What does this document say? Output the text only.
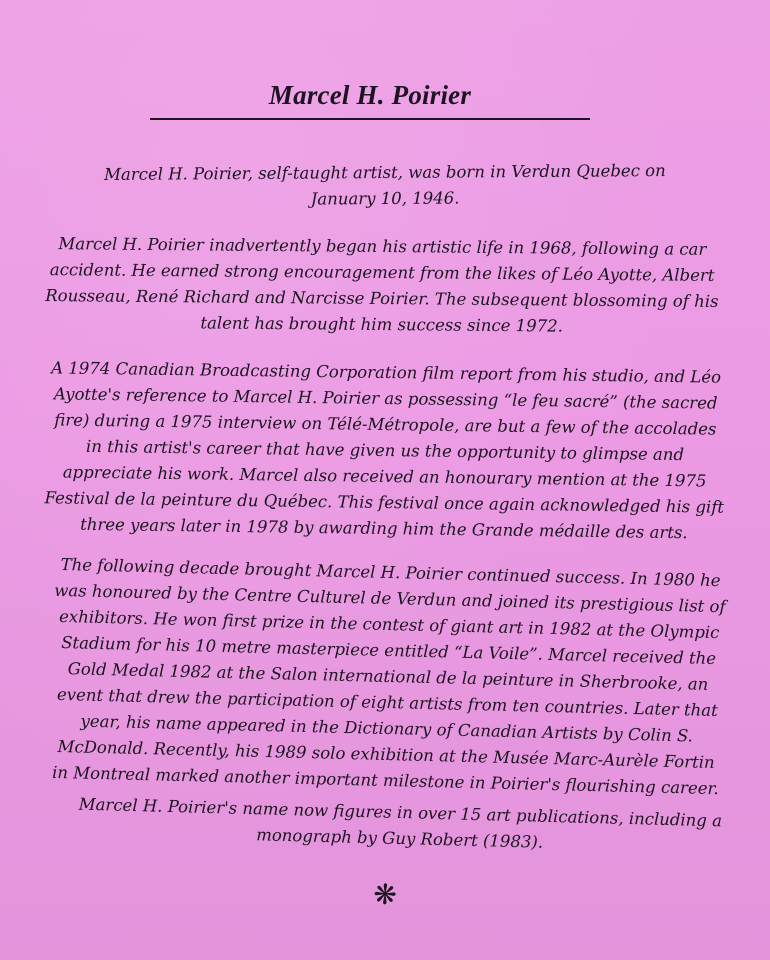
Marcel H. Poirier
Marcel H. Poirier, self-taught artist, was born in Verdun Quebec on
January 10, 1946.
Marcel H. Poirier inadvertently began his artistic life in 1968, following a car
accident. He earned strong encouragement from the likes of Léo Ayotte, Albert
Rousseau, René Richard and Narcisse Poirier. The subsequent blossoming of his
talent has brought him success since 1972.
A 1974 Canadian Broadcasting Corporation film report from his studio, and Léo
Ayotte's reference to Marcel H. Poirier as possessing “le feu sacré” (the sacred
fire) during a 1975 interview on Télé-Métropole, are but a few of the accolades
in this artist's career that have given us the opportunity to glimpse and
appreciate his work. Marcel also received an honourary mention at the 1975
Festival de la peinture du Québec. This festival once again acknowledged his gift
three years later in 1978 by awarding him the Grande médaille des arts.
The following decade brought Marcel H. Poirier continued success. In 1980 he
was honoured by the Centre Culturel de Verdun and joined its prestigious list of
exhibitors. He won first prize in the contest of giant art in 1982 at the Olympic
Stadium for his 10 metre masterpiece entitled “La Voile”. Marcel received the
Gold Medal 1982 at the Salon international de la peinture in Sherbrooke, an
event that drew the participation of eight artists from ten countries. Later that
year, his name appeared in the Dictionary of Canadian Artists by Colin S.
McDonald. Recently, his 1989 solo exhibition at the Musée Marc-Aurèle Fortin
in Montreal marked another important milestone in Poirier's flourishing career.
Marcel H. Poirier's name now figures in over 15 art publications, including a
monograph by Guy Robert (1983).
❋
